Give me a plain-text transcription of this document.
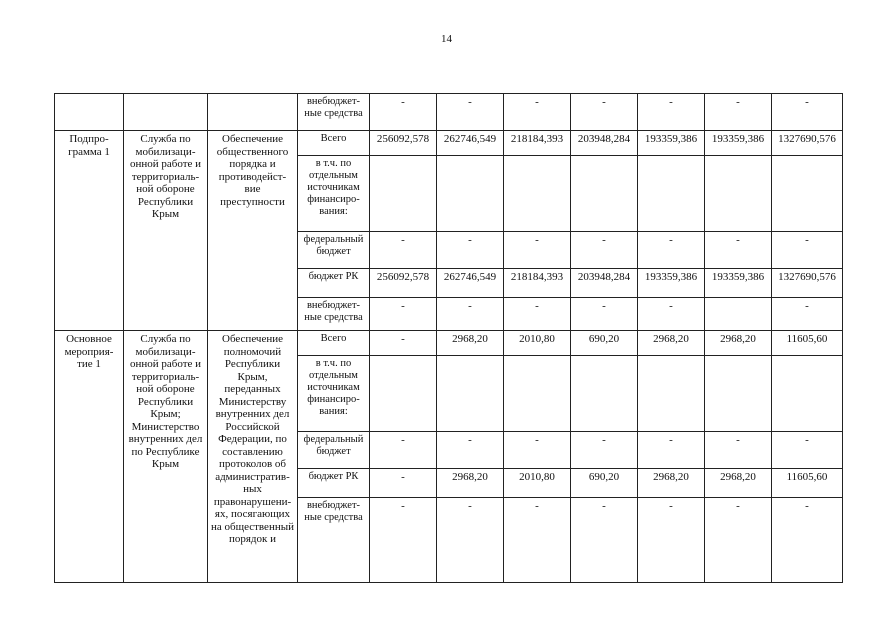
14
			внебюджет-ные средства	-	-	-	-	-	-	-
Подпро-грамма 1	Служба по мобилизаци-онной работе и территориаль-ной обороне Республики Крым	Обеспечение общественного порядка и противодейст-вие преступности	Всего	256092,578	262746,549	218184,393	203948,284	193359,386	193359,386	1327690,576
			в т.ч. по отдельным источникам финансиро-вания:							
			федеральный бюджет	-	-	-	-	-	-	-
			бюджет РК	256092,578	262746,549	218184,393	203948,284	193359,386	193359,386	1327690,576
			внебюджет-ные средства	-	-	-	-	-		-
Основное мероприя-тие 1	Служба по мобилизаци-онной работе и территориаль-ной обороне Республики Крым; Министерство внутренних дел по Республике Крым	Обеспечение полномочий Республики Крым, переданных Министерству внутренних дел Российской Федерации, по составлению протоколов об административ-ных правонарушени-ях, посягающих на общественный порядок и	Всего	-	2968,20	2010,80	690,20	2968,20	2968,20	11605,60
			в т.ч. по отдельным источникам финансиро-вания:							
			федеральный бюджет	-	-	-	-	-	-	-
			бюджет РК	-	2968,20	2010,80	690,20	2968,20	2968,20	11605,60
			внебюджет-ные средства	-	-	-	-	-	-	-
